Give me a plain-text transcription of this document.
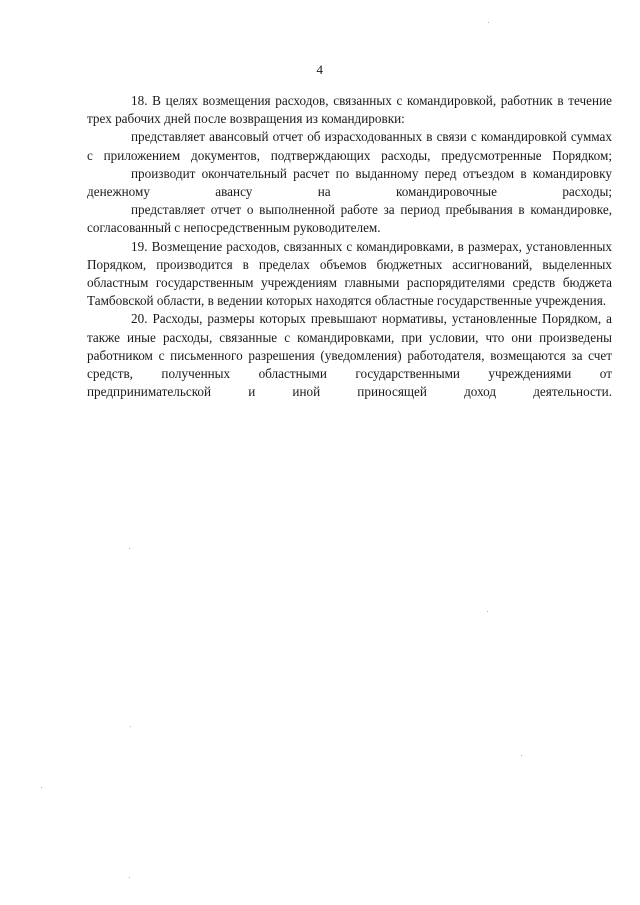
4

18. В целях возмещения расходов, связанных с командировкой, работник в течение трех рабочих дней после возвращения из командировки:

представляет авансовый отчет об израсходованных в связи с командировкой суммах с приложением документов, подтверждающих расходы, предусмотренные Порядком;

производит окончательный расчет по выданному перед отъездом в командировку денежному авансу на командировочные расходы;

представляет отчет о выполненной работе за период пребывания в командировке, согласованный с непосредственным руководителем.

19. Возмещение расходов, связанных с командировками, в размерах, установленных Порядком, производится в пределах объемов бюджетных ассигнований, выделенных областным государственным учреждениям главными распорядителями средств бюджета Тамбовской области, в ведении которых находятся областные государственные учреждения.

20. Расходы, размеры которых превышают нормативы, установленные Порядком, а также иные расходы, связанные с командировками, при условии, что они произведены работником с письменного разрешения (уведомления) работодателя, возмещаются за счет средств, полученных областными государственными учреждениями от предпринимательской и иной приносящей доход деятельности.
